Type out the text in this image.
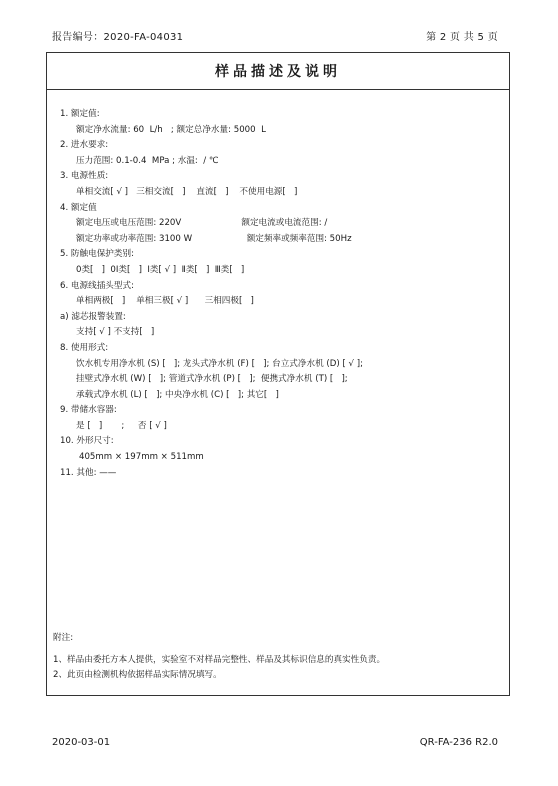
报告编号：2020-FA-04031	第 2 页 共 5 页
样品描述及说明
1. 额定值:
额定净水流量: 60  L/h   ; 额定总净水量: 5000  L
2. 进水要求:
压力范围: 0.1-0.4  MPa ; 水温:  / ℃
3. 电源性质:
单相交流[ √ ]   三相交流[   ]    直流[   ]    不使用电源[   ]
4. 额定值
额定电压或电压范围: 220V                      额定电流或电流范围: /
额定功率或功率范围: 3100 W                    额定频率或频率范围: 50Hz
5. 防触电保护类别:
0类[   ]  0Ⅰ类[   ]  Ⅰ类[ √ ]  Ⅱ类[   ]  Ⅲ类[   ]
6. 电源线插头型式:
单相两极[   ]    单相三极[ √ ]      三相四极[   ]
a) 滤芯报警装置:
支持[ √ ] 不支持[   ]
8. 使用形式:
饮水机专用净水机 (S) [   ]; 龙头式净水机 (F) [   ]; 台立式净水机 (D) [ √ ];
挂壁式净水机 (W) [   ]; 管道式净水机 (P) [   ];  便携式净水机 (T) [   ];
承载式净水机 (L) [   ]; 中央净水机 (C) [   ]; 其它[   ]
9. 带储水容器:
是 [   ]       ;     否 [ √ ]
10. 外形尺寸:
405mm × 197mm × 511mm
11. 其他: ——
附注:
1、样品由委托方本人提供，实验室不对样品完整性、样品及其标识信息的真实性负责。
2、此页由检测机构依据样品实际情况填写。
2020-03-01	QR-FA-236 R2.0
